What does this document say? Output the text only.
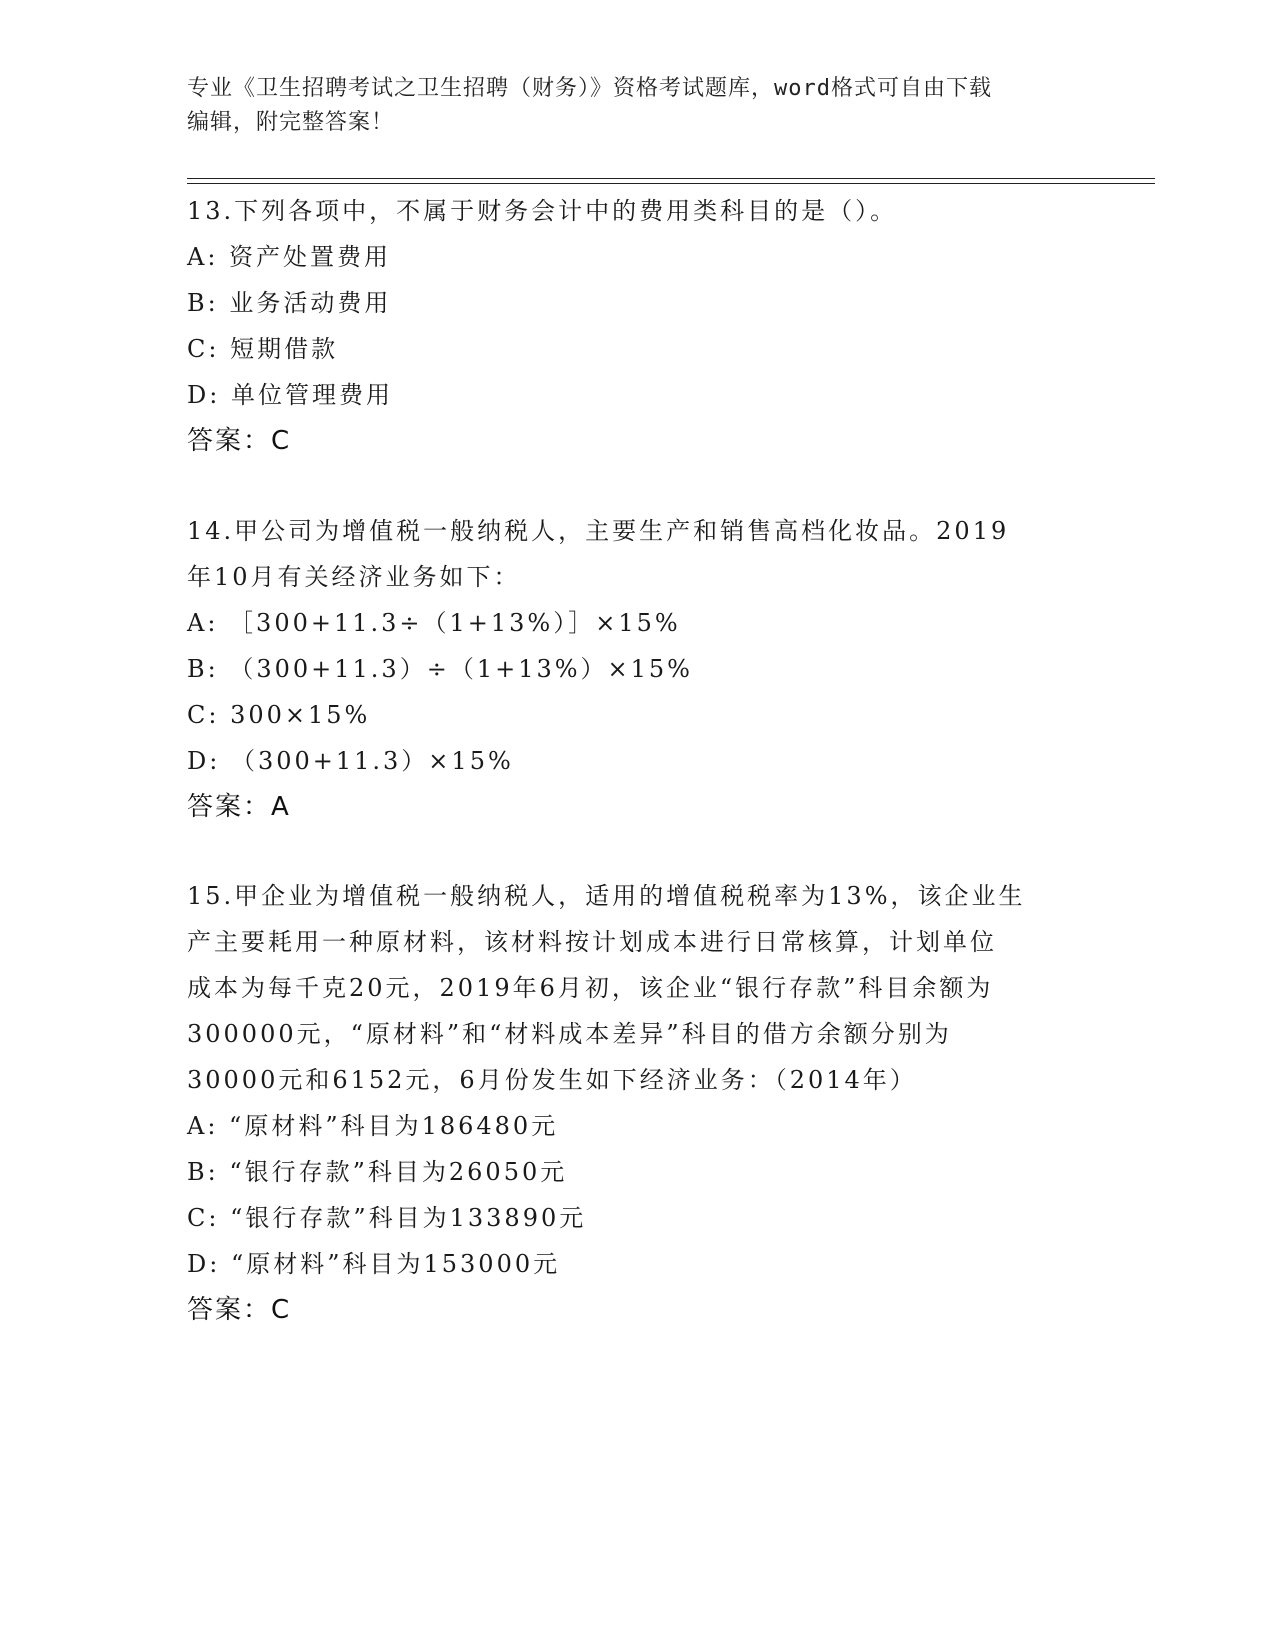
专业《卫生招聘考试之卫生招聘（财务）》资格考试题库，word格式可自由下载
编辑，附完整答案！
13.下列各项中，不属于财务会计中的费用类科目的是（）。
A: 资产处置费用
B: 业务活动费用
C: 短期借款
D: 单位管理费用
答案：C
14.甲公司为增值税一般纳税人，主要生产和销售高档化妆品。2019
年10月有关经济业务如下：
A: ［300+11.3÷（1+13%）］×15%
B: （300+11.3）÷（1+13%）×15%
C: 300×15%
D: （300+11.3）×15%
答案：A
15.甲企业为增值税一般纳税人，适用的增值税税率为13%，该企业生
产主要耗用一种原材料，该材料按计划成本进行日常核算，计划单位
成本为每千克20元，2019年6月初，该企业“银行存款”科目余额为
300000元，“原材料”和“材料成本差异”科目的借方余额分别为
30000元和6152元，6月份发生如下经济业务：（2014年）
A: “原材料”科目为186480元
B: “银行存款”科目为26050元
C: “银行存款”科目为133890元
D: “原材料”科目为153000元
答案：C
